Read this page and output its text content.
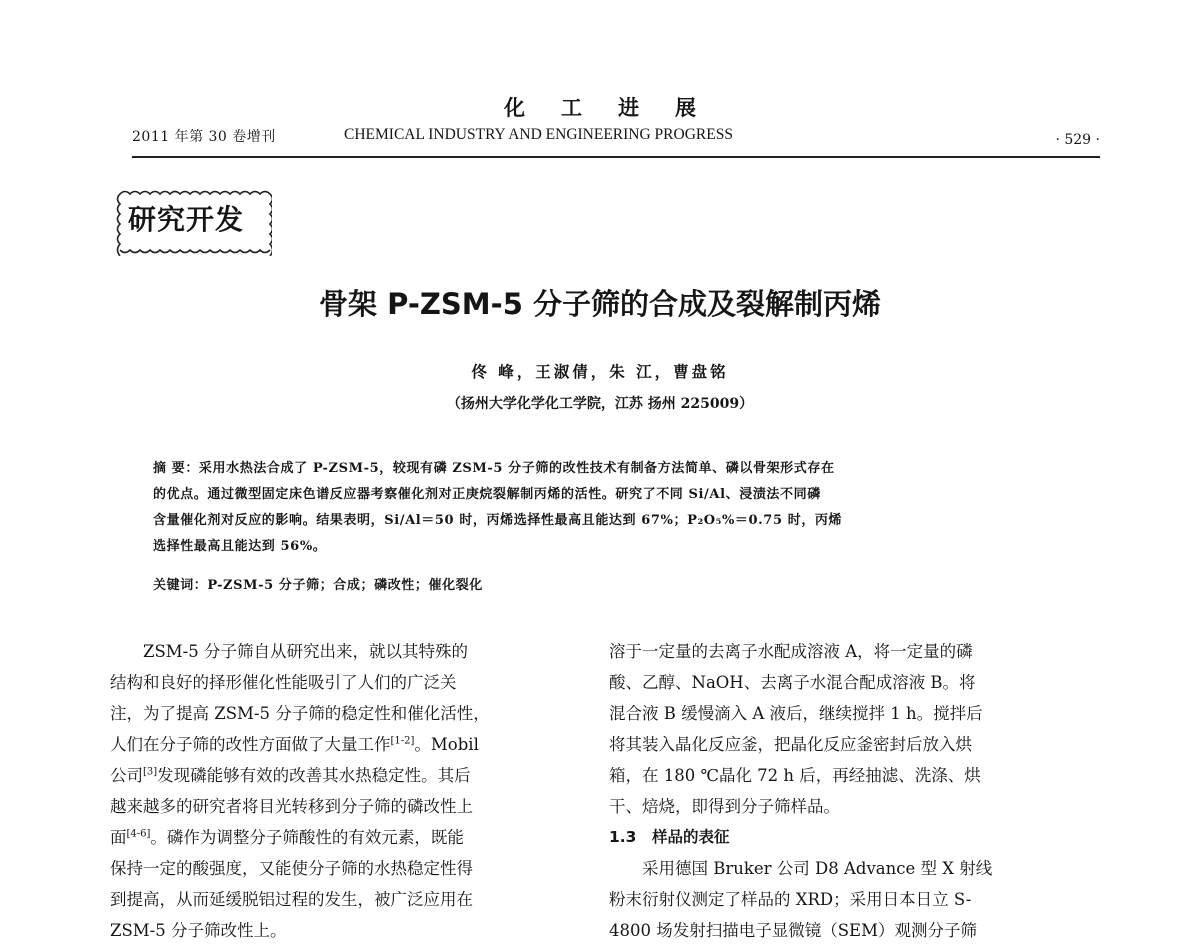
化工进展
2011 年第 30 卷增刊	CHEMICAL INDUSTRY AND ENGINEERING PROGRESS	· 529 ·
研究开发
骨架 P-ZSM-5 分子筛的合成及裂解制丙烯
佟 峰，王淑倩，朱 江，曹盘铭
（扬州大学化学化工学院，江苏 扬州 225009）
摘 要：采用水热法合成了 P-ZSM-5，较现有磷 ZSM-5 分子筛的改性技术有制备方法简单、磷以骨架形式存在
的优点。通过微型固定床色谱反应器考察催化剂对正庚烷裂解制丙烯的活性。研究了不同 Si/Al、浸渍法不同磷
含量催化剂对反应的影响。结果表明，Si/Al＝50 时，丙烯选择性最高且能达到 67%；P₂O₅%＝0.75 时，丙烯
选择性最高且能达到 56%。
关键词：P-ZSM-5 分子筛；合成；磷改性；催化裂化
　　ZSM-5 分子筛自从研究出来，就以其特殊的
结构和良好的择形催化性能吸引了人们的广泛关
注，为了提高 ZSM-5 分子筛的稳定性和催化活性，
人们在分子筛的改性方面做了大量工作[1-2]。Mobil
公司[3]发现磷能够有效的改善其水热稳定性。其后
越来越多的研究者将目光转移到分子筛的磷改性上
面[4-6]。磷作为调整分子筛酸性的有效元素，既能
保持一定的酸强度，又能使分子筛的水热稳定性得
到提高，从而延缓脱铝过程的发生，被广泛应用在
ZSM-5 分子筛改性上。
溶于一定量的去离子水配成溶液 A，将一定量的磷
酸、乙醇、NaOH、去离子水混合配成溶液 B。将
混合液 B 缓慢滴入 A 液后，继续搅拌 1 h。搅拌后
将其装入晶化反应釜，把晶化反应釜密封后放入烘
箱，在 180 ℃晶化 72 h 后，再经抽滤、洗涤、烘
干、焙烧，即得到分子筛样品。
1.3　样品的表征
　　采用德国 Bruker 公司 D8 Advance 型 X 射线
粉末衍射仪测定了样品的 XRD；采用日本日立 S-
4800 场发射扫描电子显微镜（SEM）观测分子筛
